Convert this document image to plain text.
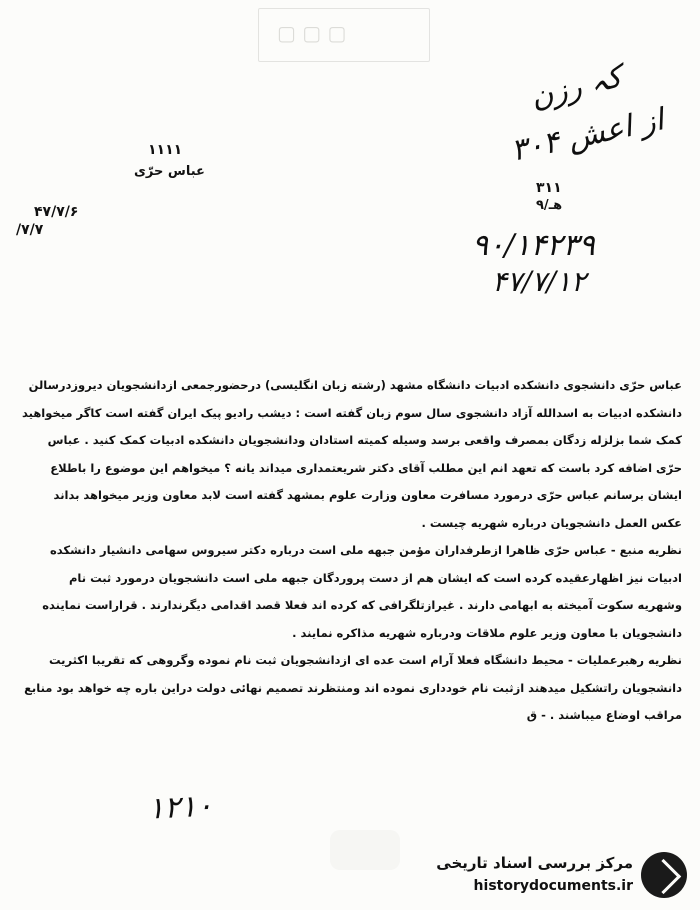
▢ ▢ ▢
کہ رزن
۳۰۴ از اعش
۱۱۱۱
عباس حرّی
۴۷/۷/۶
/۷/۷
۳۱۱
۹/هـ
۹۰/۱۴۲۳۹
۴۷/۷/۱۲

عباس حرّی دانشجوی دانشکده ادبیات دانشگاه مشهد (رشته زبان انگلیسی) درحضورجمعی ازدانشجویان دیروزدرسالن دانشکده ادبیات به اسدالله آزاد دانشجوی سال سوم زبان گفته است : دیشب رادیو پیک ایران گفته است کاگر میخواهید کمک شما بزلزله زدگان بمصرف واقعی برسد وسیله کمیته استادان ودانشجویان دانشکده ادبیات کمک کنید . عباس حرّی اضافه کرد باست که تعهد انم این مطلب آقای دکتر شریعتمداری میداند یانه ؟ میخواهم این موضوع را باطلاع ایشان برسانم عباس حرّی درمورد مسافرت معاون وزارت علوم بمشهد گفته است لابد معاون وزیر میخواهد بداند عکس العمل دانشجویان درباره شهریه چیست .

نظریه منبع - عباس حرّی ظاهرا ازطرفداران مؤمن جبهه ملی است درباره دکتر سیروس سهامی دانشیار دانشکده ادبیات نیز اظهارعقیده کرده است که ایشان هم از دست پروردگان جبهه ملی است دانشجویان درمورد ثبت نام وشهریه سکوت آمیخته به ابهامی دارند . غیرازتلگرافی که کرده اند فعلا قصد اقدامی دیگرندارند . قراراست نماینده دانشجویان با معاون وزیر علوم ملاقات ودرباره شهریه مذاکره نمایند .

نظریه رهبرعملیات - محیط دانشگاه فعلا آرام است عده ای ازدانشجویان ثبت نام نموده وگروهی که تقریبا اکثریت دانشجویان راتشکیل میدهند ازثبت نام خودداری نموده اند ومنتظرند تصمیم نهائی دولت دراین باره چه خواهد بود منابع مراقب اوضاع میباشند . - ق

۱۲۱۰
مرکز بررسی اسناد تاریخی
historydocuments.ir
